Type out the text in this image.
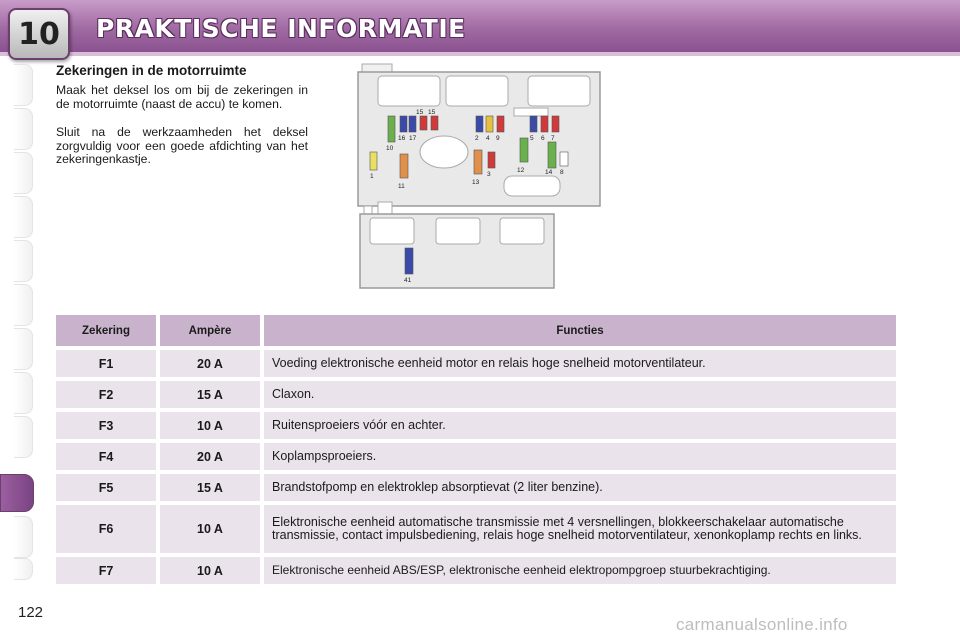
10	PRAKTISCHE INFORMATIE
Zekeringen in de motorruimte
Maak het deksel los om bij de zekeringen in de motorruimte (naast de accu) te komen.
Sluit na de werkzaamheden het deksel zorgvuldig voor een goede afdichting van het zekeringenkastje.
1
10
16 17
15 15
11
2 4 9
13
3
12
5 6 7
14 8
41
Zekering	Ampère	Functies
F1	20 A	Voeding elektronische eenheid motor en relais hoge snelheid motorventilateur.
F2	15 A	Claxon.
F3	10 A	Ruitensproeiers vóór en achter.
F4	20 A	Koplampsproeiers.
F5	15 A	Brandstofpomp en elektroklep absorptievat (2 liter benzine).
F6	10 A	Elektronische eenheid automatische transmissie met 4 versnellingen, blokkeerschakelaar automatische transmissie, contact impulsbediening, relais hoge snelheid motorventilateur, xenonkoplamp rechts en links.
F7	10 A	Elektronische eenheid ABS/ESP, elektronische eenheid elektropompgroep stuurbekrachtiging.
122
carmanualsonline.info
